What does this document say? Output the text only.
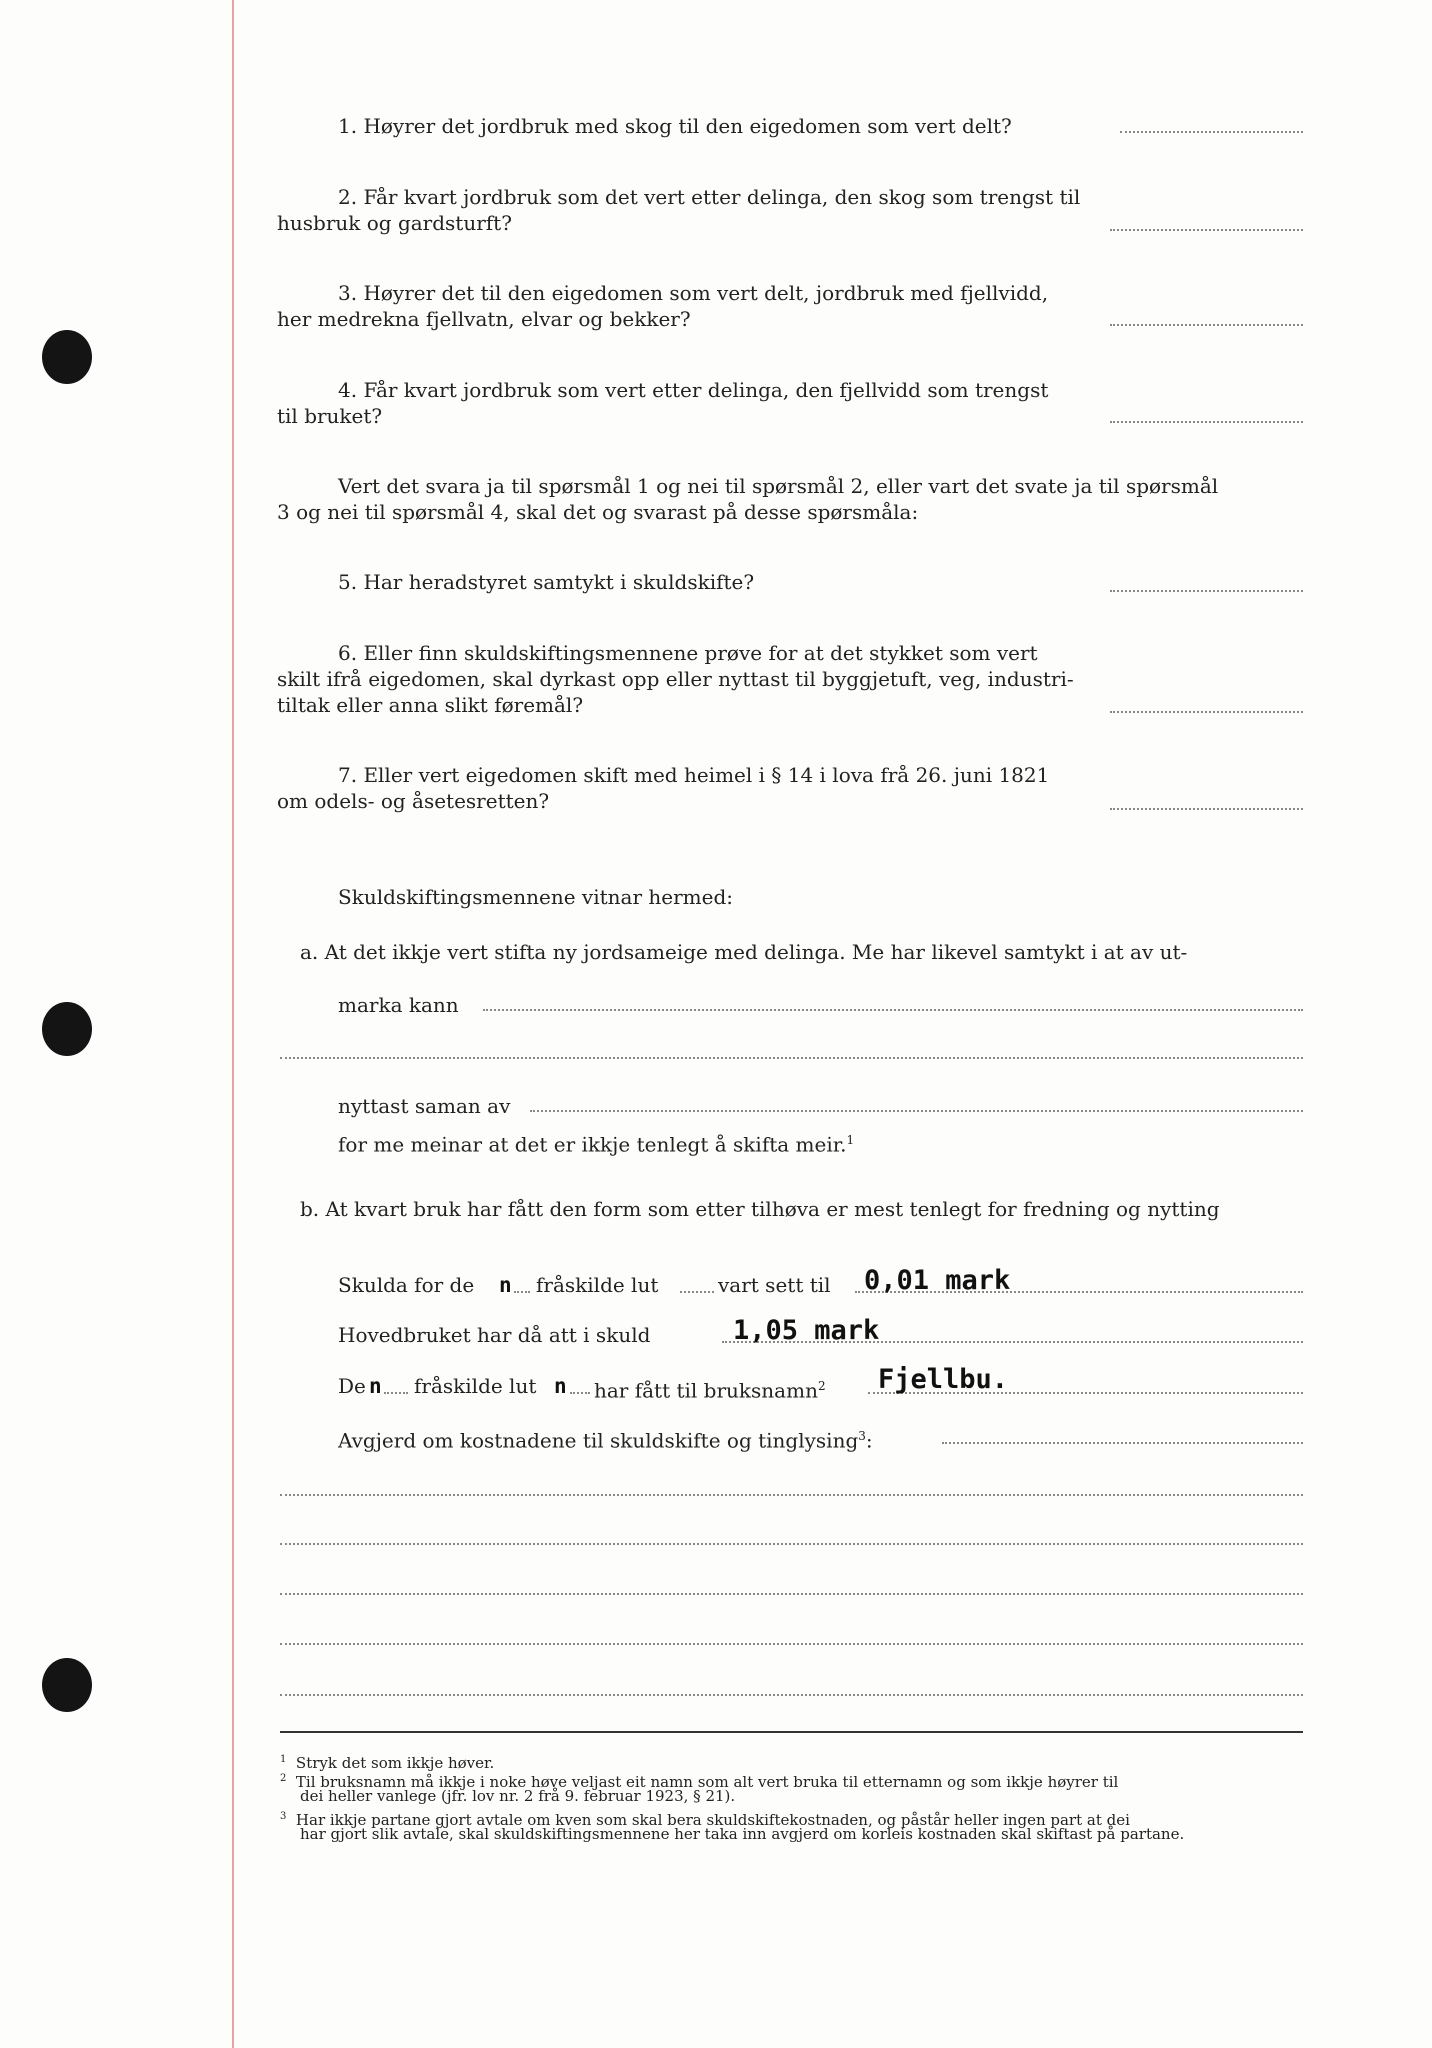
1. Høyrer det jordbruk med skog til den eigedomen som vert delt?
2. Får kvart jordbruk som det vert etter delinga, den skog som trengst til
husbruk og gardsturft?
3. Høyrer det til den eigedomen som vert delt, jordbruk med fjellvidd,
her medrekna fjellvatn, elvar og bekker?
4. Får kvart jordbruk som vert etter delinga, den fjellvidd som trengst
til bruket?
Vert det svara ja til spørsmål 1 og nei til spørsmål 2, eller vart det svate ja til spørsmål
3 og nei til spørsmål 4, skal det og svarast på desse spørsmåla:
5. Har heradstyret samtykt i skuldskifte?
6. Eller finn skuldskiftingsmennene prøve for at det stykket som vert
skilt ifrå eigedomen, skal dyrkast opp eller nyttast til byggjetuft, veg, industri-
tiltak eller anna slikt føremål?
7. Eller vert eigedomen skift med heimel i § 14 i lova frå 26. juni 1821
om odels- og åsetesretten?
Skuldskiftingsmennene vitnar hermed:
a. At det ikkje vert stifta ny jordsameige med delinga. Me har likevel samtykt i at av ut-
marka kann
nyttast saman av
for me meinar at det er ikkje tenlegt å skifta meir.$^1$
b. At kvart bruk har fått den form som etter tilhøva er mest tenlegt for fredning og nytting
Skulda for de n fråskilde lut	vart sett til 0,01 mark
Hovedbruket har då att i skuld	1,05 mark
De n fråskilde lut n har fått til bruksnamn$^2$ Fjellbu.
Avgjerd om kostnadene til skuldskifte og tinglysing$^3$:
$^1$ Stryk det som ikkje høver.
$^2$ Til bruksnamn må ikkje i noke høve veljast eit namn som alt vert bruka til etternamn og som ikkje høyrer til
dei heller vanlege (jfr. lov nr. 2 frå 9. februar 1923, § 21).
$^3$ Har ikkje partane gjort avtale om kven som skal bera skuldskiftekostnaden, og påstår heller ingen part at dei
har gjort slik avtale, skal skuldskiftingsmennene her taka inn avgjerd om korleis kostnaden skal skiftast på partane.
